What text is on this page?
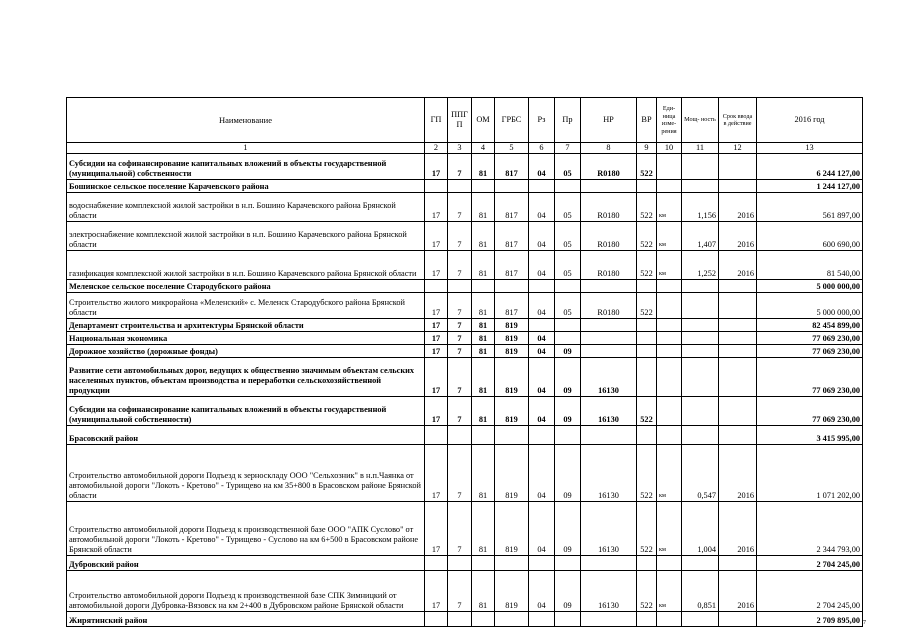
Наименование	ГП	ППГ П	ОМ	ГРБС	Рз	Пр	НР	ВР	Еди- ница изме- рения	Мощ- ность	Срок ввода в действие	2016 год
1	2	3	4	5	6	7	8	9	10	11	12	13
Субсидии на софинансирование капитальных вложений в объекты государственной (муниципальной) собственности	17	7	81	817	04	05	R0180	522				6 244 127,00
Бошинское сельское поселение Карачевского района												1 244 127,00
водоснабжение комплексной жилой застройки в н.п. Бошино Карачевского района Брянской области	17	7	81	817	04	05	R0180	522	км	1,156	2016	561 897,00
электроснабжение комплексной жилой застройки в н.п. Бошино Карачевского района Брянской области	17	7	81	817	04	05	R0180	522	км	1,407	2016	600 690,00
газификация комплексной жилой застройки в н.п. Бошино Карачевского района Брянской области	17	7	81	817	04	05	R0180	522	км	1,252	2016	81 540,00
Меленское сельское поселение Стародубского района												5 000 000,00
Строительство жилого микрорайона «Меленский» с. Меленск Стародубского района Брянской области	17	7	81	817	04	05	R0180	522				5 000 000,00
Департамент строительства и архитектуры Брянской области	17	7	81	819								82 454 899,00
Национальная экономика	17	7	81	819	04							77 069 230,00
Дорожное хозяйство (дорожные фонды)	17	7	81	819	04	09						77 069 230,00
Развитие сети автомобильных дорог, ведущих к общественно значимым объектам сельских населенных пунктов, объектам производства и переработки сельскохозяйственной продукции	17	7	81	819	04	09	16130					77 069 230,00
Субсидии на софинансирование капитальных вложений в объекты государственной (муниципальной собственности)	17	7	81	819	04	09	16130	522				77 069 230,00
Брасовский район												3 415 995,00
Строительство автомобильной дороги Подъезд к зерноскладу ООО "Сельхозник" в н.п.Чаянка от автомобильной дороги "Локоть - Кретово" - Турищево на км 35+800 в Брасовском районе Брянской области	17	7	81	819	04	09	16130	522	км	0,547	2016	1 071 202,00
Строительство автомобильной дороги Подъезд к производственной базе ООО "АПК Суслово" от автомобильной дороги "Локоть - Кретово" - Турищево - Суслово на км 6+500 в Брасовском районе Брянской области	17	7	81	819	04	09	16130	522	км	1,004	2016	2 344 793,00
Дубровский район												2 704 245,00
Строительство автомобильной дороги Подъезд к производственной базе СПК Зимницкий от автомобильной дороги Дубровка-Вязовск на км 2+400 в Дубровском районе Брянской области	17	7	81	819	04	09	16130	522	км	0,851	2016	2 704 245,00
Жирятинский район												2 709 895,00 7
